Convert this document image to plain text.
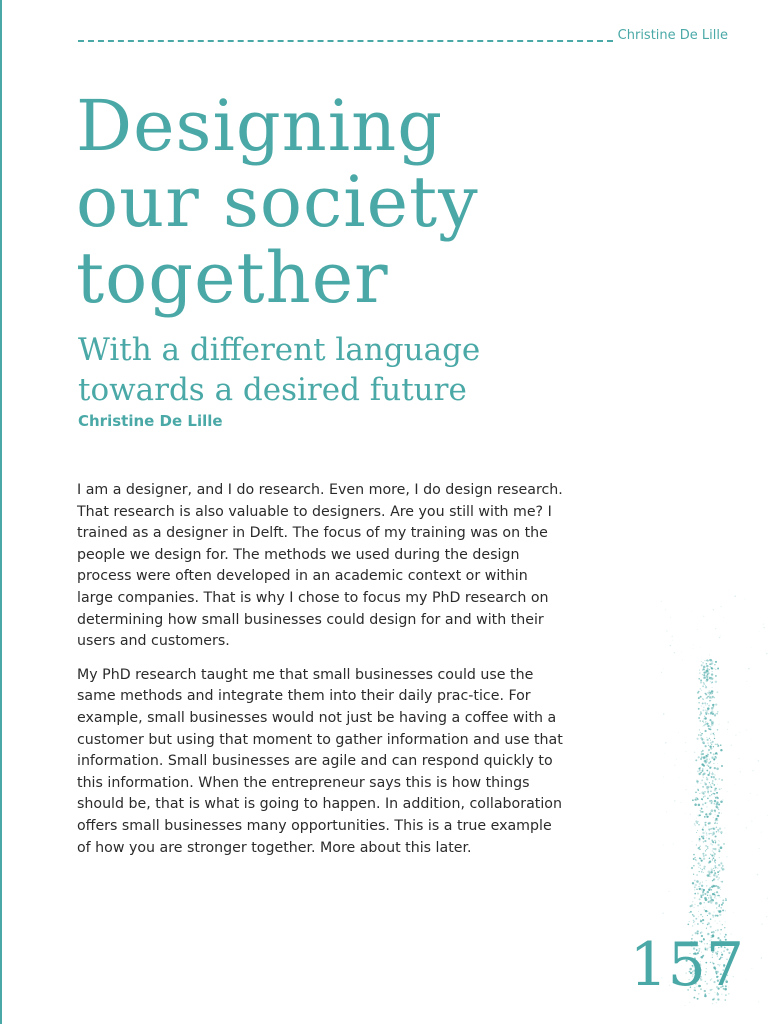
Christine De Lille
Designing
our society
together
With a different language
towards a desired future
Christine De Lille

I am a designer, and I do research. Even more, I do design research. That research is also valuable to designers. Are you still with me? I trained as a designer in Delft. The focus of my training was on the people we design for. The methods we used during the design process were often developed in an academic context or within large companies. That is why I chose to focus my PhD research on determining how small businesses could design for and with their users and customers.

My PhD research taught me that small businesses could use the same methods and integrate them into their daily prac-tice. For example, small businesses would not just be having a coffee with a customer but using that moment to gather information and use that information. Small businesses are agile and can respond quickly to this information. When the entrepreneur says this is how things should be, that is what is going to happen. In addition, collaboration offers small businesses many opportunities. This is a true example of how you are stronger together. More about this later.

157
